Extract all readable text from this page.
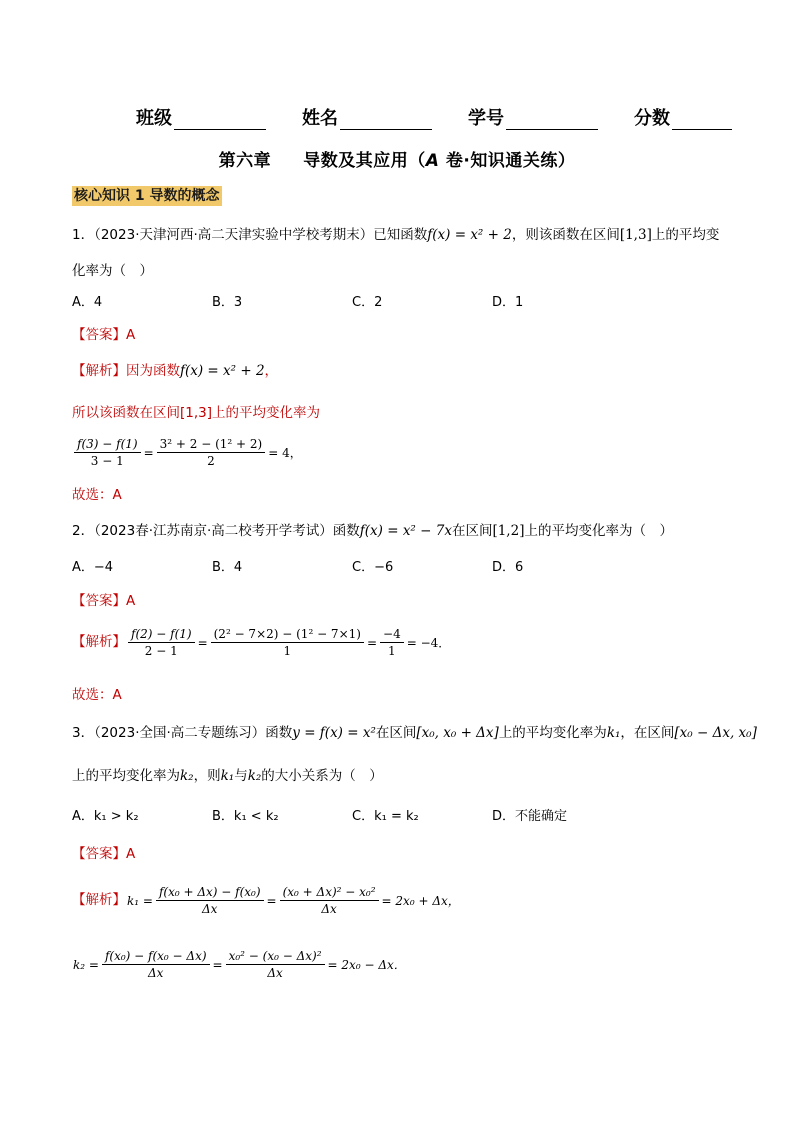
班级	姓名	学号	分数
第六章 导数及其应用（A 卷·知识通关练）
核心知识 1 导数的概念
1．（2023·天津河西·高二天津实验中学校考期末）已知函数f(x) = x² + 2，则该函数在区间[1,3]上的平均变
化率为（　）
A．4	B．3	C．2	D．1
【答案】A
【解析】因为函数f(x) = x² + 2，
所以该函数在区间[1,3]上的平均变化率为
$\frac{f(3) - f(1)}{3 - 1} = \frac{\text{3² + 2 − (1² + 2)}}{2} = 4$，
故选：A
2．（2023春·江苏南京·高二校考开学考试）函数f(x) = x² − 7x在区间[1,2]上的平均变化率为（　）
A．−4	B．4	C．−6	D．6
【答案】A
【解析】 $\frac{f(2) - f(1)}{2 - 1} = \frac{\text{(2² − 7×2) − (1² − 7×1)}}{1} = \frac{-4}{1} = -4$．
故选：A
3．（2023·全国·高二专题练习）函数y = f(x) = x²在区间[x₀, x₀ + Δx]上的平均变化率为k₁，在区间[x₀ − Δx, x₀]
上的平均变化率为k₂，则k₁与k₂的大小关系为（　）
A．k₁ > k₂	B．k₁ < k₂	C．k₁ = k₂	D．不能确定
【答案】A
【解析】$k_1 = \frac{\text{f(x₀ + Δx) − f(x₀)}}{\Delta x} = \frac{\text{(x₀ + Δx)² − x₀²}}{\Delta x} = 2x_0 + \Delta x$，
$k_2 = \frac{\text{f(x₀) − f(x₀ − Δx)}}{\Delta x} = \frac{\text{x₀² − (x₀ − Δx)²}}{\Delta x} = 2x_0 - \Delta x$．
